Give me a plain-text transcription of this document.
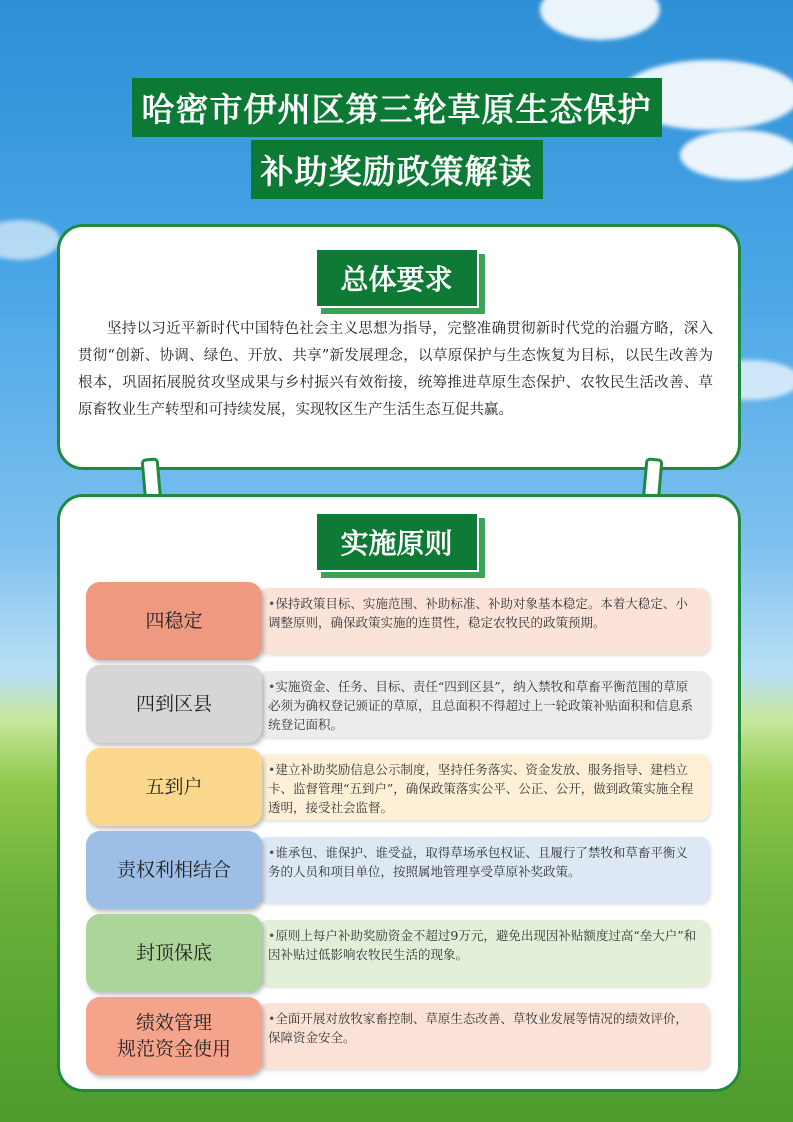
哈密市伊州区第三轮草原生态保护
补助奖励政策解读
总体要求
坚持以习近平新时代中国特色社会主义思想为指导，完整准确贯彻新时代党的治疆方略，深入贯彻“创新、协调、绿色、开放、共享”新发展理念，以草原保护与生态恢复为目标，以民生改善为根本，巩固拓展脱贫攻坚成果与乡村振兴有效衔接，统筹推进草原生态保护、农牧民生活改善、草原畜牧业生产转型和可持续发展，实现牧区生产生活生态互促共赢。
实施原则
•保持政策目标、实施范围、补助标准、补助对象基本稳定。本着大稳定、小调整原则，确保政策实施的连贯性，稳定农牧民的政策预期。
四稳定
•实施资金、任务、目标、责任“四到区县”，纳入禁牧和草畜平衡范围的草原必须为确权登记颁证的草原，且总面积不得超过上一轮政策补贴面积和信息系统登记面积。
四到区县
•建立补助奖励信息公示制度，坚持任务落实、资金发放、服务指导、建档立卡、监督管理“五到户”，确保政策落实公平、公正、公开，做到政策实施全程透明，接受社会监督。
五到户
•谁承包、谁保护、谁受益，取得草场承包权证、且履行了禁牧和草畜平衡义务的人员和项目单位，按照属地管理享受草原补奖政策。
责权利相结合
•原则上每户补助奖励资金不超过9万元，避免出现因补贴额度过高“垒大户”和因补贴过低影响农牧民生活的现象。
封顶保底
•全面开展对放牧家畜控制、草原生态改善、草牧业发展等情况的绩效评价，保障资金安全。
绩效管理
规范资金使用
